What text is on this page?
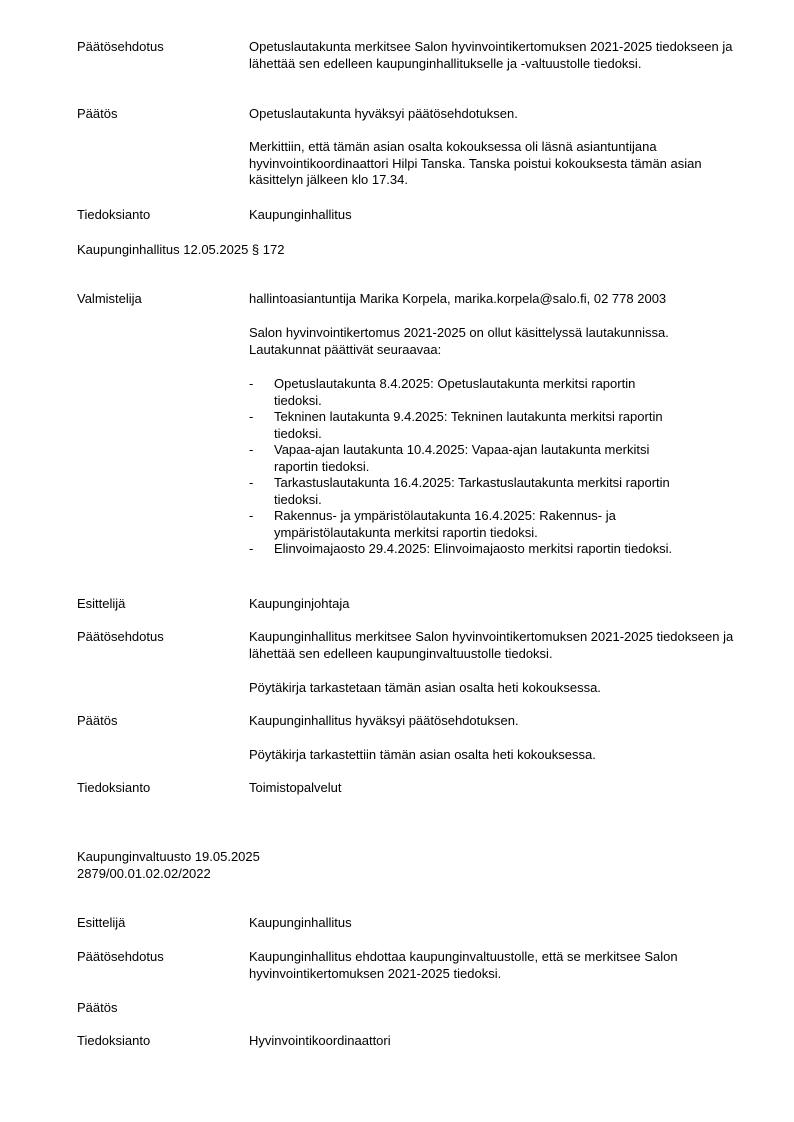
Päätösehdotus	Opetuslautakunta merkitsee Salon hyvinvointikertomuksen 2021-2025 tiedokseen ja lähettää sen edelleen kaupunginhallitukselle ja -valtuustolle tiedoksi.
Päätös	Opetuslautakunta hyväksyi päätösehdotuksen.
Merkittiin, että tämän asian osalta kokouksessa oli läsnä asiantuntijana hyvinvointikoordinaattori Hilpi Tanska. Tanska poistui kokouksesta tämän asian käsittelyn jälkeen klo 17.34.
Tiedoksianto	Kaupunginhallitus
Kaupunginhallitus 12.05.2025 § 172
Valmistelija	hallintoasiantuntija Marika Korpela, marika.korpela@salo.fi, 02 778 2003
Salon hyvinvointikertomus 2021-2025 on ollut käsittelyssä lautakunnissa. Lautakunnat päättivät seuraavaa:
- Opetuslautakunta 8.4.2025: Opetuslautakunta merkitsi raportin
tiedoksi.
- Tekninen lautakunta 9.4.2025: Tekninen lautakunta merkitsi raportin
tiedoksi.
- Vapaa-ajan lautakunta 10.4.2025: Vapaa-ajan lautakunta merkitsi
raportin tiedoksi.
- Tarkastuslautakunta 16.4.2025: Tarkastuslautakunta merkitsi raportin
tiedoksi.
- Rakennus- ja ympäristölautakunta 16.4.2025: Rakennus- ja
ympäristölautakunta merkitsi raportin tiedoksi.
- Elinvoimajaosto 29.4.2025: Elinvoimajaosto merkitsi raportin tiedoksi.
Esittelijä	Kaupunginjohtaja
Päätösehdotus	Kaupunginhallitus merkitsee Salon hyvinvointikertomuksen 2021-2025 tiedokseen ja lähettää sen edelleen kaupunginvaltuustolle tiedoksi.
Pöytäkirja tarkastetaan tämän asian osalta heti kokouksessa.
Päätös	Kaupunginhallitus hyväksyi päätösehdotuksen.
Pöytäkirja tarkastettiin tämän asian osalta heti kokouksessa.
Tiedoksianto	Toimistopalvelut
Kaupunginvaltuusto 19.05.2025
2879/00.01.02.02/2022
Esittelijä	Kaupunginhallitus
Päätösehdotus	Kaupunginhallitus ehdottaa kaupunginvaltuustolle, että se merkitsee Salon hyvinvointikertomuksen 2021-2025 tiedoksi.
Päätös
Tiedoksianto	Hyvinvointikoordinaattori
